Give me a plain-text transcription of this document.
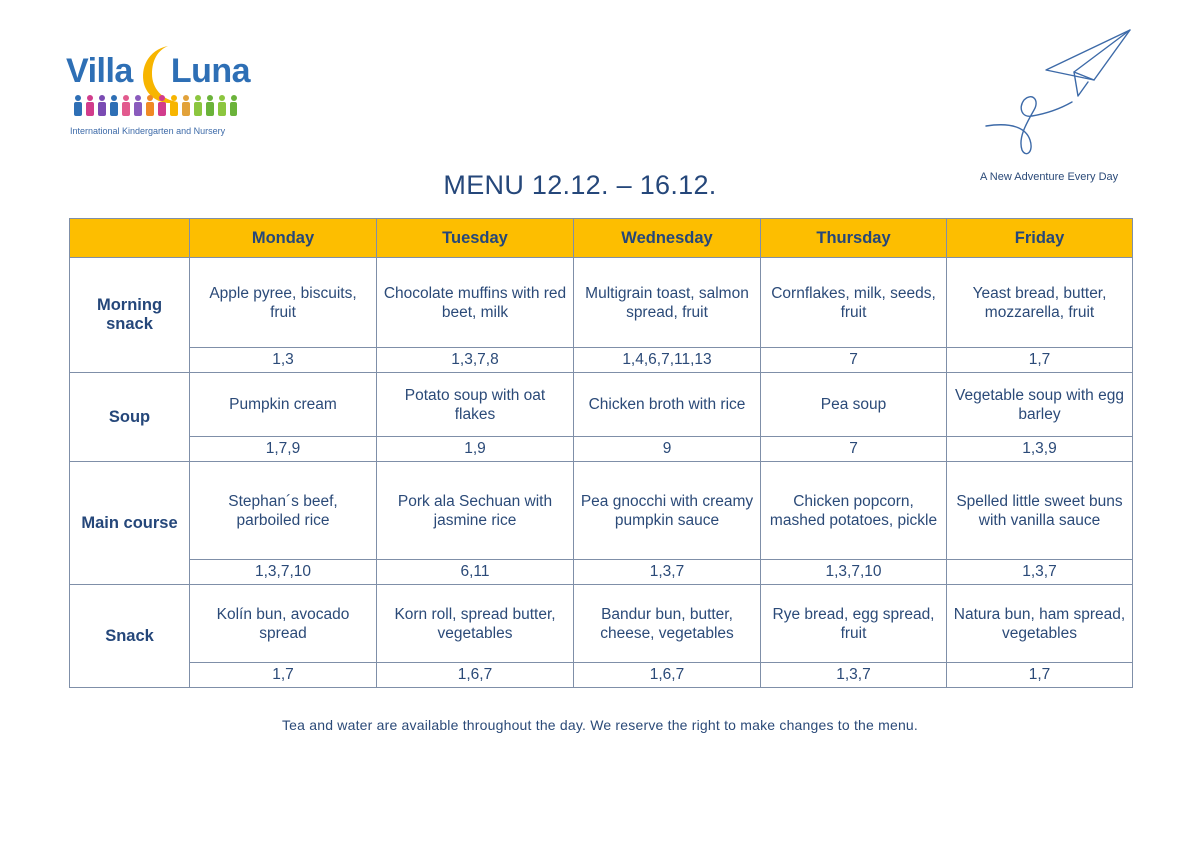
Villa Luna
International Kindergarten and Nursery
A New Adventure Every Day
MENU 12.12. – 16.12.
	Monday	Tuesday	Wednesday	Thursday	Friday
Morning snack	Apple pyree, biscuits, fruit	Chocolate muffins with red beet, milk	Multigrain toast, salmon spread, fruit	Cornflakes, milk, seeds, fruit	Yeast bread, butter, mozzarella, fruit
	1,3	1,3,7,8	1,4,6,7,11,13	7	1,7
Soup	Pumpkin cream	Potato soup with oat flakes	Chicken broth with rice	Pea soup	Vegetable soup with egg barley
	1,7,9	1,9	9	7	1,3,9
Main course	Stephan´s beef, parboiled rice	Pork ala Sechuan with jasmine rice	Pea gnocchi with creamy pumpkin sauce	Chicken popcorn, mashed potatoes, pickle	Spelled little sweet buns with vanilla sauce
	1,3,7,10	6,11	1,3,7	1,3,7,10	1,3,7
Snack	Kolín bun, avocado spread	Korn roll, spread butter, vegetables	Bandur bun, butter, cheese, vegetables	Rye bread, egg spread, fruit	Natura bun, ham spread, vegetables
	1,7	1,6,7	1,6,7	1,3,7	1,7
Tea and water are available throughout the day. We reserve the right to make changes to the menu.
